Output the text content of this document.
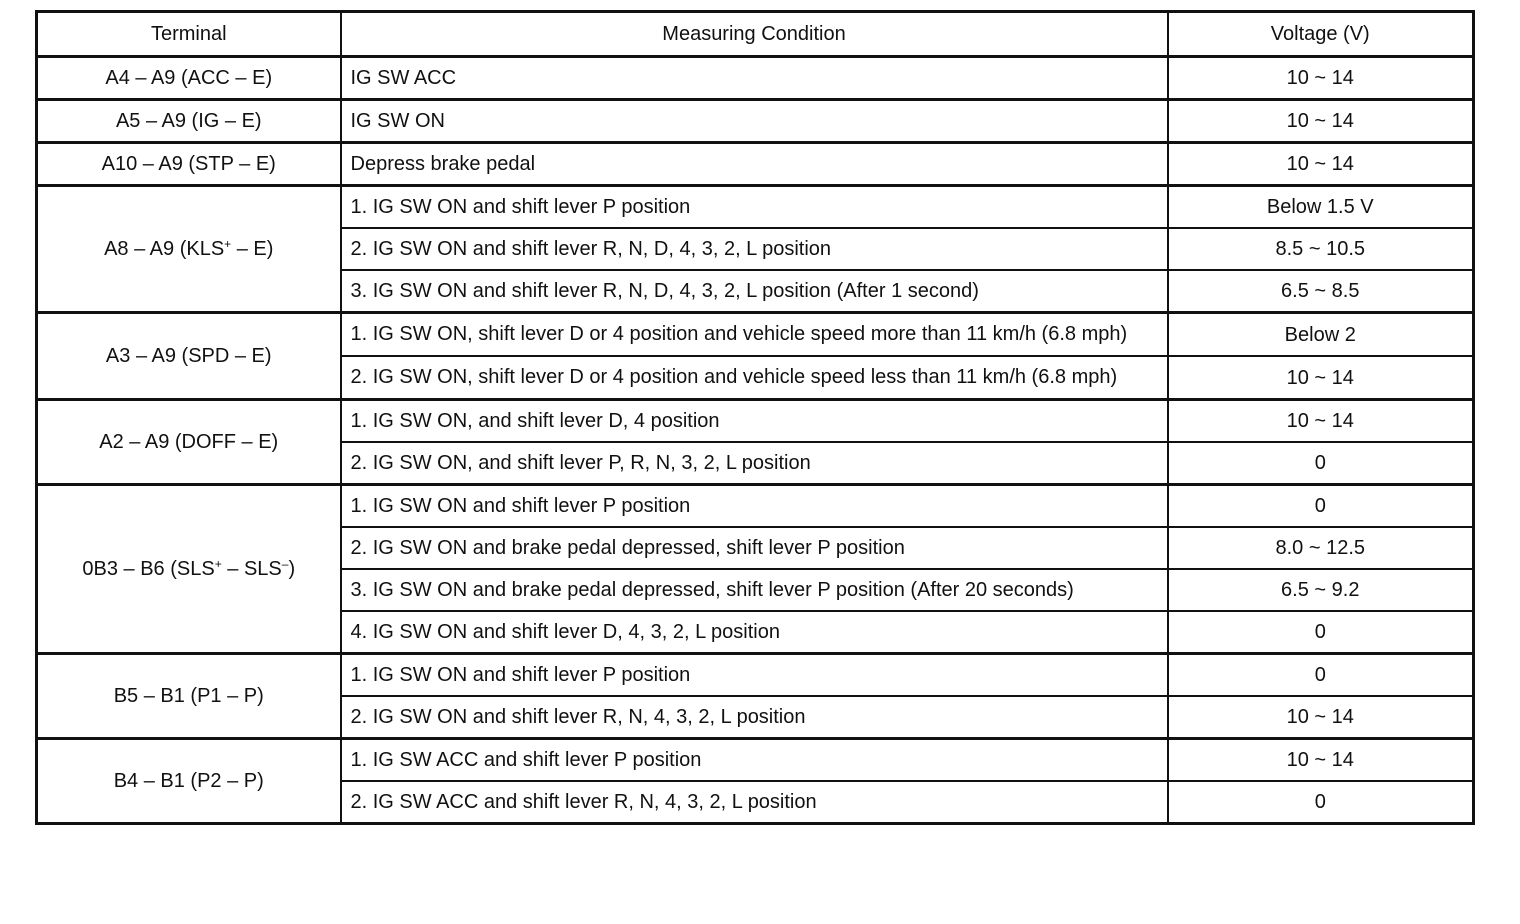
Terminal	Measuring Condition	Voltage (V)
A4 – A9 (ACC – E)	IG SW ACC	10 ~ 14
A5 – A9 (IG – E)	IG SW ON	10 ~ 14
A10 – A9 (STP – E)	Depress brake pedal	10 ~ 14
A8 – A9 (KLS+ – E)	1. IG SW ON and shift lever P position	Below 1.5 V
	2. IG SW ON and shift lever R, N, D, 4, 3, 2, L position	8.5 ~ 10.5
	3. IG SW ON and shift lever R, N, D, 4, 3, 2, L position (After 1 second)	6.5 ~ 8.5
A3 – A9 (SPD – E)	1. IG SW ON, shift lever D or 4 position and vehicle speed more than 11 km/h (6.8 mph)	Below 2
	2. IG SW ON, shift lever D or 4 position and vehicle speed less than 11 km/h (6.8 mph)	10 ~ 14
A2 – A9 (DOFF – E)	1. IG SW ON, and shift lever D, 4 position	10 ~ 14
	2. IG SW ON, and shift lever P, R, N, 3, 2, L position	0
0B3 – B6 (SLS+ – SLS–)	1. IG SW ON and shift lever P position	0
	2. IG SW ON and brake pedal depressed, shift lever P position	8.0 ~ 12.5
	3. IG SW ON and brake pedal depressed, shift lever P position (After 20 seconds)	6.5 ~ 9.2
	4. IG SW ON and shift lever D, 4, 3, 2, L position	0
B5 – B1 (P1 – P)	1. IG SW ON and shift lever P position	0
	2. IG SW ON and shift lever R, N, 4, 3, 2, L position	10 ~ 14
B4 – B1 (P2 – P)	1. IG SW ACC and shift lever P position	10 ~ 14
	2. IG SW ACC and shift lever R, N, 4, 3, 2, L position	0
